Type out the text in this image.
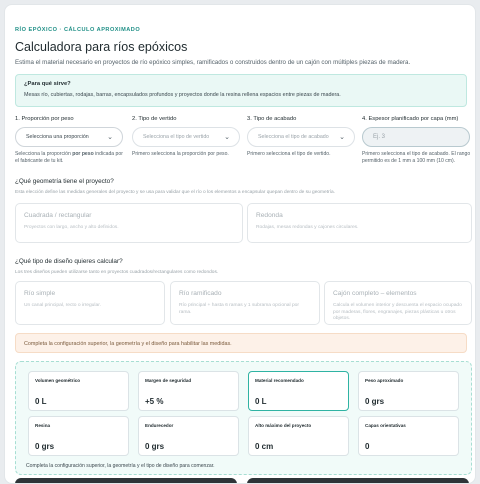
RÍO EPÓXICO · CÁLCULO APROXIMADO
Calculadora para ríos epóxicos
Estima el material necesario en proyectos de río epóxico simples, ramificados o construidos dentro de un cajón con múltiples piezas de madera.
¿Para qué sirve?
Mesas río, cubiertas, rodajas, barras, encapsulados profundos y proyectos donde la resina rellena espacios entre piezas de madera.
1. Proporción por peso
Selecciona una proporción	⌄
Selecciona la proporción por peso indicada por el fabricante de tu kit.
2. Tipo de vertido
Selecciona el tipo de vertido ⌄
Primero selecciona la proporción por peso.
3. Tipo de acabado
Selecciona el tipo de acabado ⌄
Primero selecciona el tipo de vertido.
4. Espesor planificado por capa (mm)
Ej. 3
Primero selecciona el tipo de acabado. El rango permitido es de 1 mm a 100 mm (10 cm).
¿Qué geometría tiene el proyecto?
Esta elección define las medidas generales del proyecto y se usa para validar que el río o los elementos a encapsular quepan dentro de su geometría.
Cuadrada / rectangular
Proyectos con largo, ancho y alto definidos.
Redonda
Rodajas, mesas redondas y cajones circulares.
¿Qué tipo de diseño quieres calcular?
Los tres diseños pueden utilizarse tanto en proyectos cuadrados/rectangulares como redondos.
Río simple
Un canal principal, recto o irregular.
Río ramificado
Río principal + hasta 6 ramas y 1 subrama opcional por rama.
Cajón completo – elementos
Calcula el volumen interior y descuenta el espacio ocupado por maderas, flores, engranajes, piezas plásticas u otros objetos.
Completa la configuración superior, la geometría y el diseño para habilitar las medidas.
Volumen geométrico
0 L
Margen de seguridad
+5 %
Material recomendado
0 L
Peso aproximado
0 grs
Resina
0 grs
Endurecedor
0 grs
Alto máximo del proyecto
0 cm
Capas orientativas
0
Completa la configuración superior, la geometría y el tipo de diseño para comenzar.
